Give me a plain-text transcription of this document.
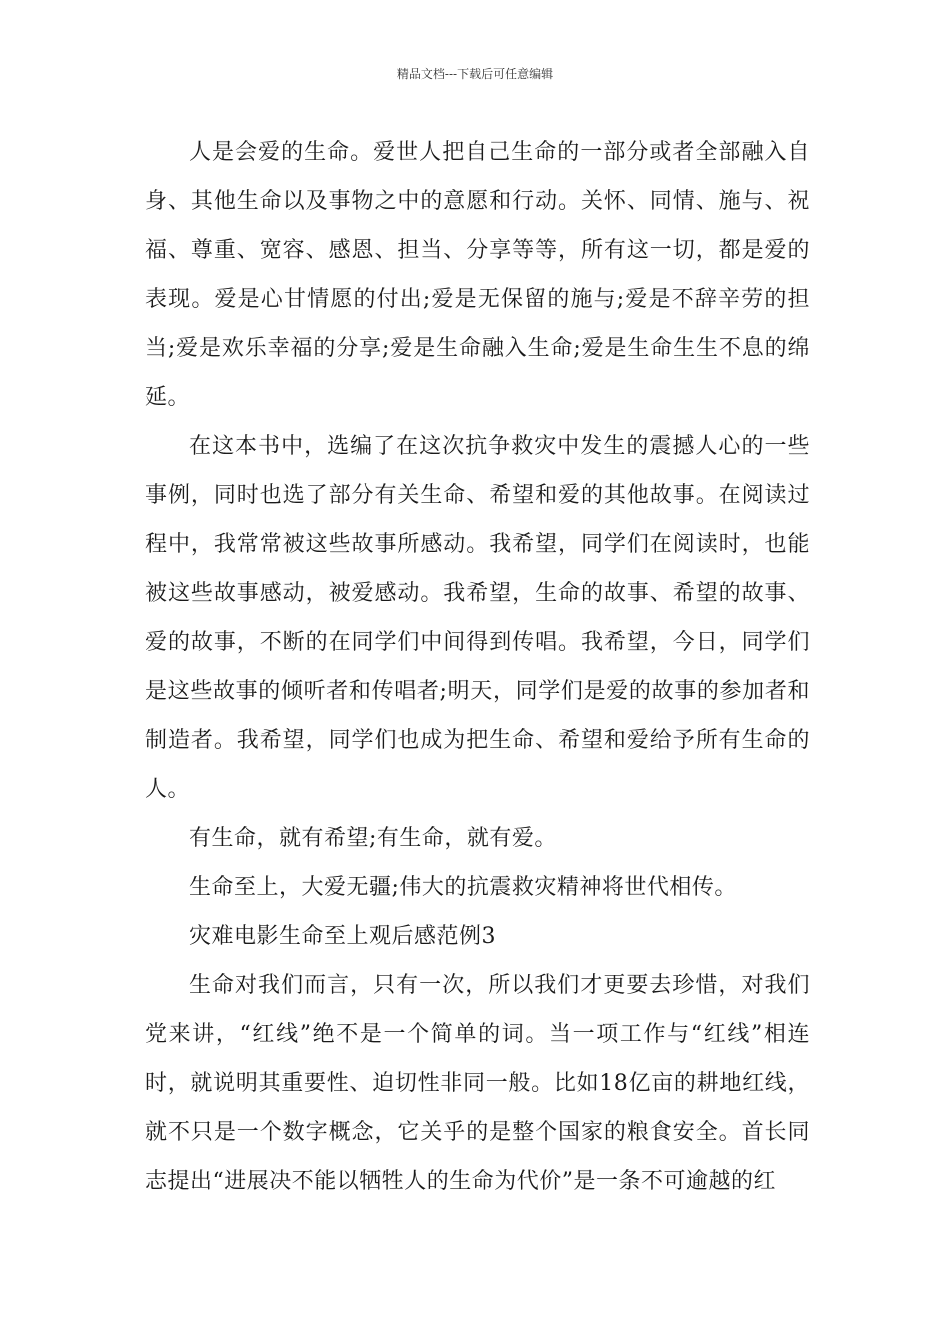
精品文档---下载后可任意编辑

人是会爱的生命。爱世人把自己生命的一部分或者全部融入自身、其他生命以及事物之中的意愿和行动。关怀、同情、施与、祝福、尊重、宽容、感恩、担当、分享等等，所有这一切，都是爱的表现。爱是心甘情愿的付出;爱是无保留的施与;爱是不辞辛劳的担当;爱是欢乐幸福的分享;爱是生命融入生命;爱是生命生生不息的绵延。

在这本书中，选编了在这次抗争救灾中发生的震撼人心的一些事例，同时也选了部分有关生命、希望和爱的其他故事。在阅读过程中，我常常被这些故事所感动。我希望，同学们在阅读时，也能被这些故事感动，被爱感动。我希望，生命的故事、希望的故事、爱的故事，不断的在同学们中间得到传唱。我希望，今日，同学们是这些故事的倾听者和传唱者;明天，同学们是爱的故事的参加者和制造者。我希望，同学们也成为把生命、希望和爱给予所有生命的人。

有生命，就有希望;有生命，就有爱。

生命至上，大爱无疆;伟大的抗震救灾精神将世代相传。

灾难电影生命至上观后感范例3

生命对我们而言，只有一次，所以我们才更要去珍惜，对我们党来讲，“红线”绝不是一个简单的词。当一项工作与“红线”相连时，就说明其重要性、迫切性非同一般。比如18亿亩的耕地红线，就不只是一个数字概念，它关乎的是整个国家的粮食安全。首长同志提出“进展决不能以牺牲人的生命为代价”是一条不可逾越的红
